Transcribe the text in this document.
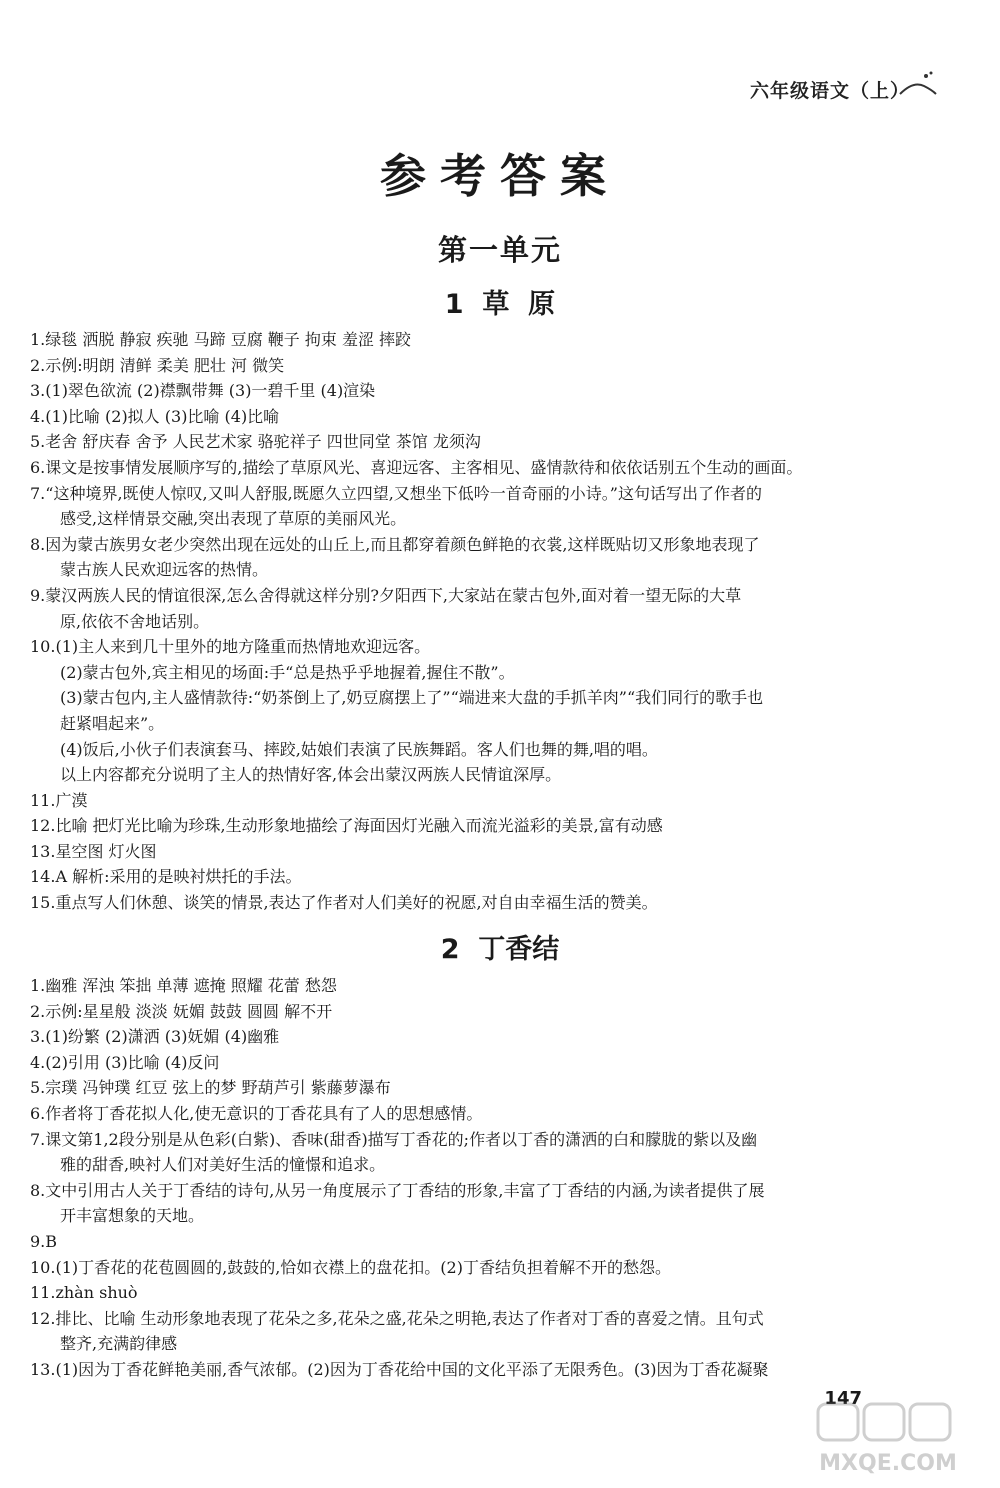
六年级语文（上）
参考答案
第一单元
1  草  原
1.绿毯 洒脱 静寂 疾驰 马蹄 豆腐 鞭子 拘束 羞涩 摔跤
2.示例:明朗 清鲜 柔美 肥壮 河 微笑
3.(1)翠色欲流 (2)襟飘带舞 (3)一碧千里 (4)渲染
4.(1)比喻 (2)拟人 (3)比喻 (4)比喻
5.老舍 舒庆春 舍予 人民艺术家 骆驼祥子 四世同堂 茶馆 龙须沟
6.课文是按事情发展顺序写的,描绘了草原风光、喜迎远客、主客相见、盛情款待和依依话别五个生动的画面。
7.“这种境界,既使人惊叹,又叫人舒服,既愿久立四望,又想坐下低吟一首奇丽的小诗。”这句话写出了作者的
感受,这样情景交融,突出表现了草原的美丽风光。
8.因为蒙古族男女老少突然出现在远处的山丘上,而且都穿着颜色鲜艳的衣裳,这样既贴切又形象地表现了
蒙古族人民欢迎远客的热情。
9.蒙汉两族人民的情谊很深,怎么舍得就这样分别?夕阳西下,大家站在蒙古包外,面对着一望无际的大草
原,依依不舍地话别。
10.(1)主人来到几十里外的地方隆重而热情地欢迎远客。
(2)蒙古包外,宾主相见的场面:手“总是热乎乎地握着,握住不散”。
(3)蒙古包内,主人盛情款待:“奶茶倒上了,奶豆腐摆上了”“端进来大盘的手抓羊肉”“我们同行的歌手也
赶紧唱起来”。
(4)饭后,小伙子们表演套马、摔跤,姑娘们表演了民族舞蹈。客人们也舞的舞,唱的唱。
以上内容都充分说明了主人的热情好客,体会出蒙汉两族人民情谊深厚。
11.广漠
12.比喻 把灯光比喻为珍珠,生动形象地描绘了海面因灯光融入而流光溢彩的美景,富有动感
13.星空图 灯火图
14.A 解析:采用的是映衬烘托的手法。
15.重点写人们休憩、谈笑的情景,表达了作者对人们美好的祝愿,对自由幸福生活的赞美。
2  丁香结
1.幽雅 浑浊 笨拙 单薄 遮掩 照耀 花蕾 愁怨
2.示例:星星般 淡淡 妩媚 鼓鼓 圆圆 解不开
3.(1)纷繁 (2)潇洒 (3)妩媚 (4)幽雅
4.(2)引用 (3)比喻 (4)反问
5.宗璞 冯钟璞 红豆 弦上的梦 野葫芦引 紫藤萝瀑布
6.作者将丁香花拟人化,使无意识的丁香花具有了人的思想感情。
7.课文第1,2段分别是从色彩(白紫)、香味(甜香)描写丁香花的;作者以丁香的潇洒的白和朦胧的紫以及幽
雅的甜香,映衬人们对美好生活的憧憬和追求。
8.文中引用古人关于丁香结的诗句,从另一角度展示了丁香结的形象,丰富了丁香结的内涵,为读者提供了展
开丰富想象的天地。
9.B
10.(1)丁香花的花苞圆圆的,鼓鼓的,恰如衣襟上的盘花扣。(2)丁香结负担着解不开的愁怨。
11.zhàn shuò
12.排比、比喻 生动形象地表现了花朵之多,花朵之盛,花朵之明艳,表达了作者对丁香的喜爱之情。且句式
整齐,充满韵律感
13.(1)因为丁香花鲜艳美丽,香气浓郁。(2)因为丁香花给中国的文化平添了无限秀色。(3)因为丁香花凝聚
147
MXQE.COM
